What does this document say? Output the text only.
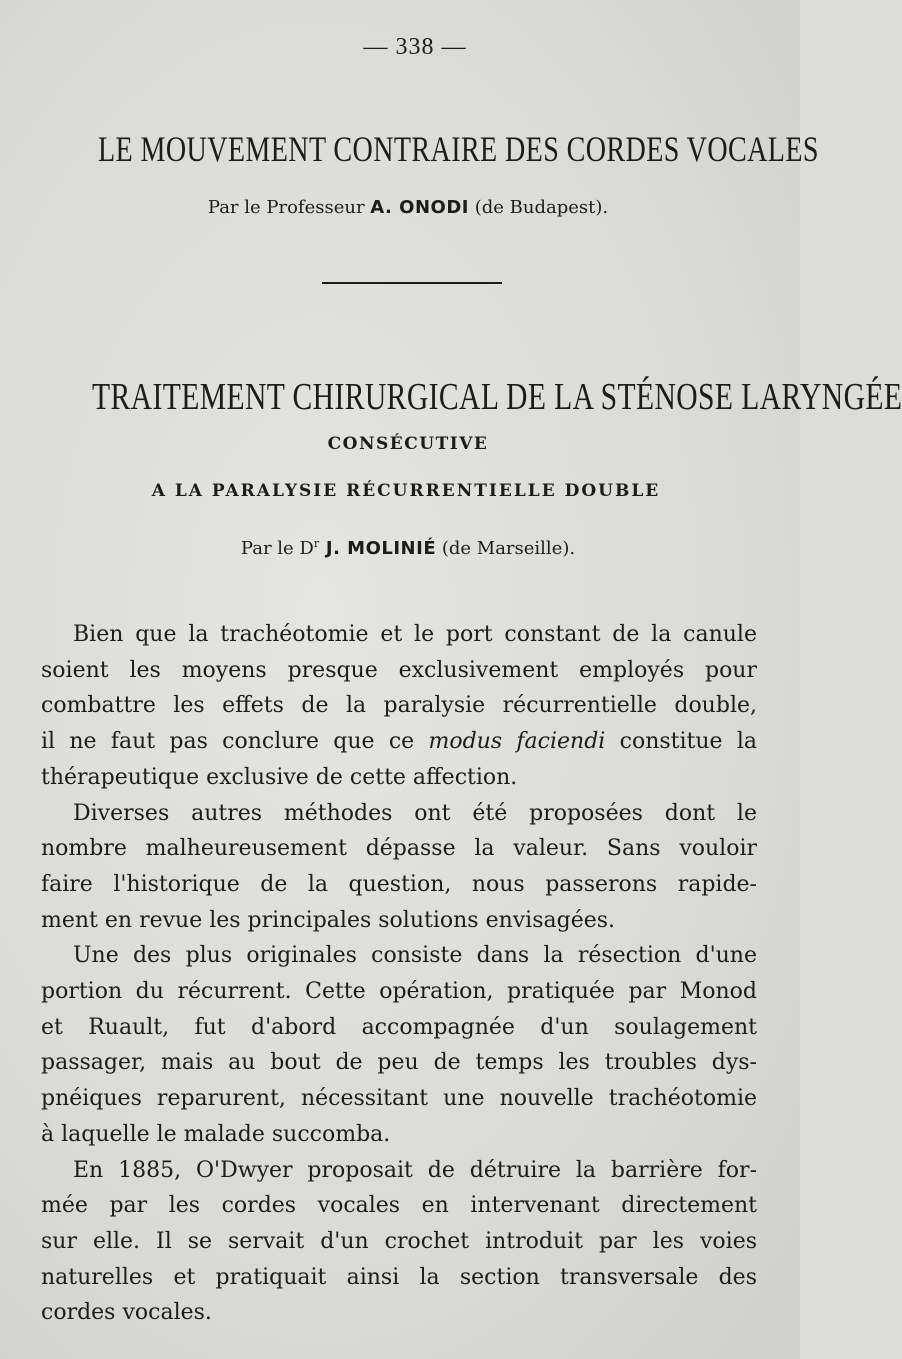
— 338 —
LE MOUVEMENT CONTRAIRE DES CORDES VOCALES
Par le Professeur A. ONODI (de Budapest).
TRAITEMENT CHIRURGICAL DE LA STÉNOSE LARYNGÉE
CONSÉCUTIVE
A LA PARALYSIE RÉCURRENTIELLE DOUBLE
Par le $D^r$ J. MOLINIÉ (de Marseille).
Bien que la trachéotomie et le port constant de la canule
soient les moyens presque exclusivement employés pour
combattre les effets de la paralysie récurrentielle double,
il ne faut pas conclure que ce modus faciendi constitue la
thérapeutique exclusive de cette affection.
Diverses autres méthodes ont été proposées dont le
nombre malheureusement dépasse la valeur. Sans vouloir
faire l'historique de la question, nous passerons rapide-
ment en revue les principales solutions envisagées.
Une des plus originales consiste dans la résection d'une
portion du récurrent. Cette opération, pratiquée par Monod
et Ruault, fut d'abord accompagnée d'un soulagement
passager, mais au bout de peu de temps les troubles dys-
pnéiques reparurent, nécessitant une nouvelle trachéotomie
à laquelle le malade succomba.
En 1885, O'Dwyer proposait de détruire la barrière for-
mée par les cordes vocales en intervenant directement
sur elle. Il se servait d'un crochet introduit par les voies
naturelles et pratiquait ainsi la section transversale des
cordes vocales.
